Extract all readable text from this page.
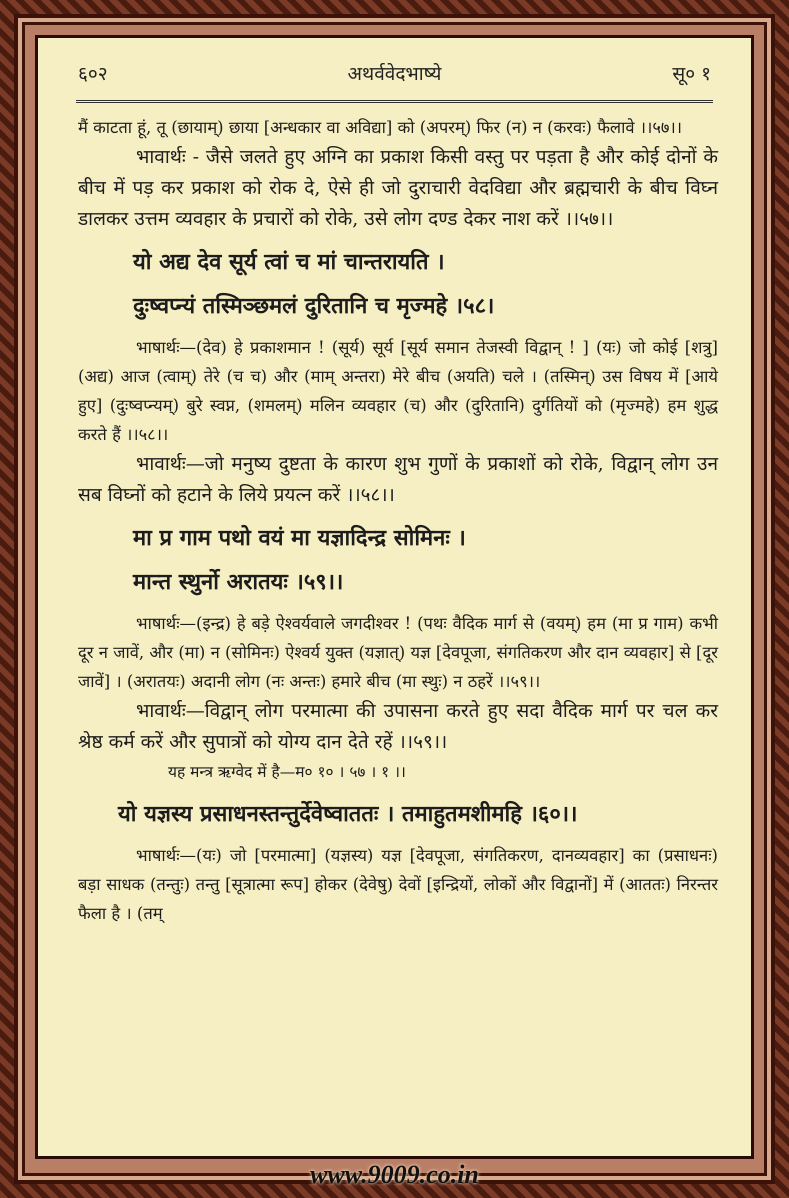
६०२	अथर्ववेदभाष्ये	सू० १

मैं काटता हूं, तू (छायाम्) छाया [अन्धकार वा अविद्या] को (अपरम्) फिर (न) न (करवः) फैलावे ।।५७।।

भावार्थः - जैसे जलते हुए अग्नि का प्रकाश किसी वस्तु पर पड़ता है और कोई दोनों के बीच में पड़ कर प्रकाश को रोक दे, ऐसे ही जो दुराचारी वेदविद्या और ब्रह्मचारी के बीच विघ्न डालकर उत्तम व्यवहार के प्रचारों को रोके, उसे लोग दण्ड देकर नाश करें ।।५७।।

यो अद्य देव सूर्य त्वां च मां चान्तरायति ।
दुःष्वप्न्यं तस्मिञ्छमलं दुरितानि च मृज्महे ।५८।

भाषार्थः—(देव) हे प्रकाशमान ! (सूर्य) सूर्य [सूर्य समान तेजस्वी विद्वान् ! ] (यः) जो कोई [शत्रु] (अद्य) आज (त्वाम्) तेरे (च च) और (माम् अन्तरा) मेरे बीच (अयति) चले । (तस्मिन्) उस विषय में [आये हुए] (दुःष्वप्न्यम्) बुरे स्वप्न, (शमलम्) मलिन व्यवहार (च) और (दुरितानि) दुर्गतियों को (मृज्महे) हम शुद्ध करते हैं ।।५८।।

भावार्थः—जो मनुष्य दुष्टता के कारण शुभ गुणों के प्रकाशों को रोके, विद्वान् लोग उन सब विघ्नों को हटाने के लिये प्रयत्न करें ।।५८।।

मा प्र गाम पथो वयं मा यज्ञादिन्द्र सोमिनः ।
मान्त स्थुर्नो अरातयः ।५९।।

भाषार्थः—(इन्द्र) हे बड़े ऐश्वर्यवाले जगदीश्वर ! (पथः वैदिक मार्ग से (वयम्) हम (मा प्र गाम) कभी दूर न जावें, और (मा) न (सोमिनः) ऐश्वर्य युक्त (यज्ञात्) यज्ञ [देवपूजा, संगतिकरण और दान व्यवहार] से [दूर जावें] । (अरातयः) अदानी लोग (नः अन्तः) हमारे बीच (मा स्थुः) न ठहरें ।।५९।।

भावार्थः—विद्वान् लोग परमात्मा की उपासना करते हुए सदा वैदिक मार्ग पर चल कर श्रेष्ठ कर्म करें और सुपात्रों को योग्य दान देते रहें ।।५९।।

यह मन्त्र ऋग्वेद में है—म० १० । ५७ । १ ।।
यो यज्ञस्य प्रसाधनस्तन्तुर्देवेष्वाततः । तमाहुतमशीमहि ।६०।।

भाषार्थः—(यः) जो [परमात्मा] (यज्ञस्य) यज्ञ [देवपूजा, संगतिकरण, दानव्यवहार] का (प्रसाधनः) बड़ा साधक (तन्तुः) तन्तु [सूत्रात्मा रूप] होकर (देवेषु) देवों [इन्द्रियों, लोकों और विद्वानों] में (आततः) निरन्तर फैला है । (तम्

www.9009.co.in
